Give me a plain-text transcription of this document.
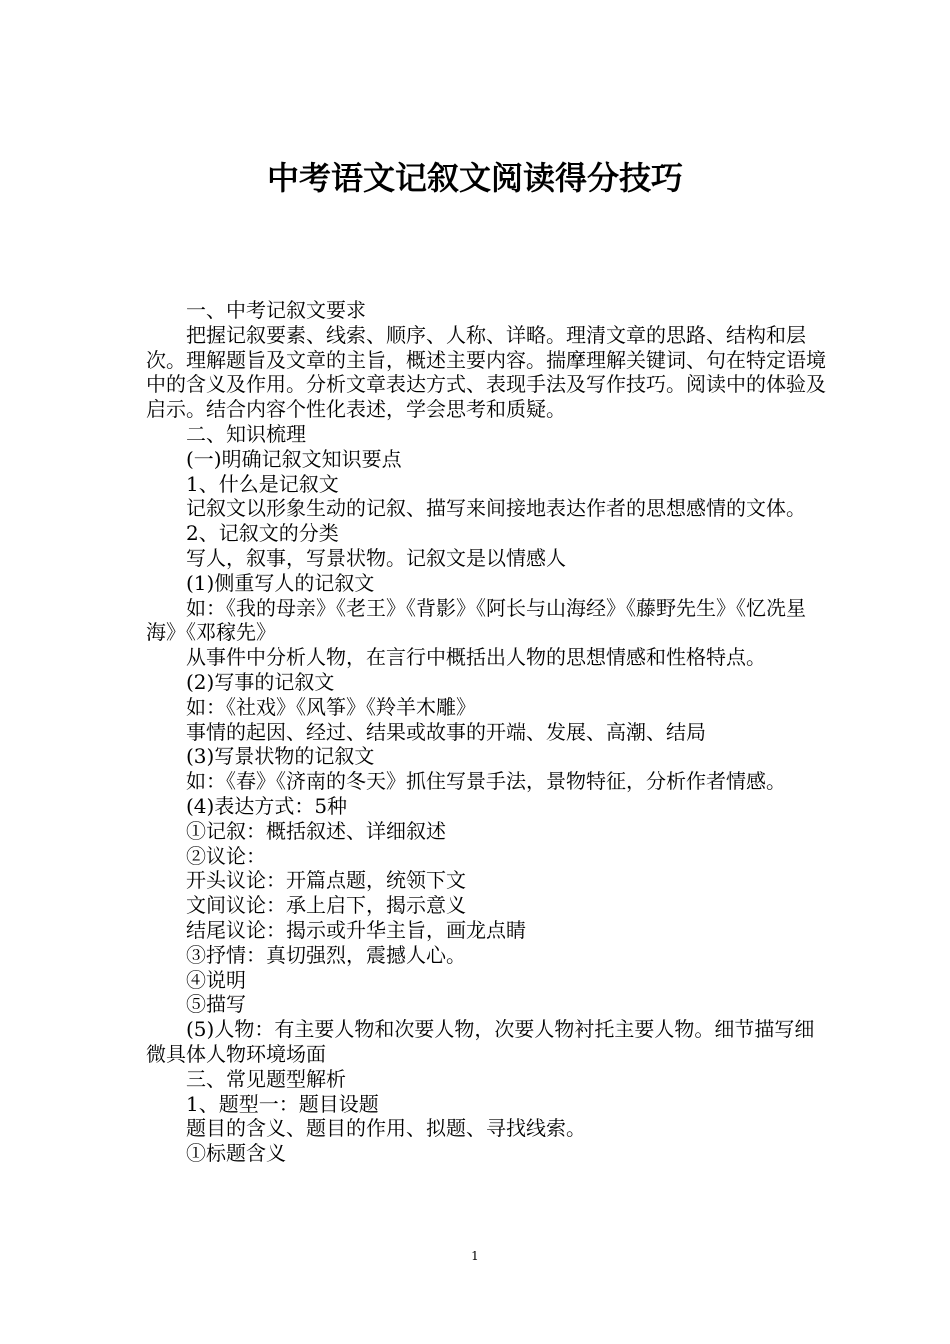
中考语文记叙文阅读得分技巧

一、中考记叙文要求

把握记叙要素、线索、顺序、人称、详略。理清文章的思路、结构和层次。理解题旨及文章的主旨，概述主要内容。揣摩理解关键词、句在特定语境中的含义及作用。分析文章表达方式、表现手法及写作技巧。阅读中的体验及启示。结合内容个性化表述，学会思考和质疑。

二、知识梳理

(一)明确记叙文知识要点

1、什么是记叙文

记叙文以形象生动的记叙、描写来间接地表达作者的思想感情的文体。

2、记叙文的分类

写人，叙事，写景状物。记叙文是以情感人

(1)侧重写人的记叙文

如：《我的母亲》《老王》《背影》《阿长与山海经》《藤野先生》《忆冼星海》《邓稼先》

从事件中分析人物，在言行中概括出人物的思想情感和性格特点。

(2)写事的记叙文

如：《社戏》《风筝》《羚羊木雕》

事情的起因、经过、结果或故事的开端、发展、高潮、结局

(3)写景状物的记叙文

如：《春》《济南的冬天》抓住写景手法，景物特征，分析作者情感。

(4)表达方式：5种

①记叙：概括叙述、详细叙述

②议论：

开头议论：开篇点题，统领下文

文间议论：承上启下，揭示意义

结尾议论：揭示或升华主旨，画龙点睛

③抒情：真切强烈，震撼人心。

④说明

⑤描写

(5)人物：有主要人物和次要人物，次要人物衬托主要人物。细节描写细微具体人物环境场面

三、常见题型解析

1、题型一：题目设题

题目的含义、题目的作用、拟题、寻找线索。

①标题含义

1
